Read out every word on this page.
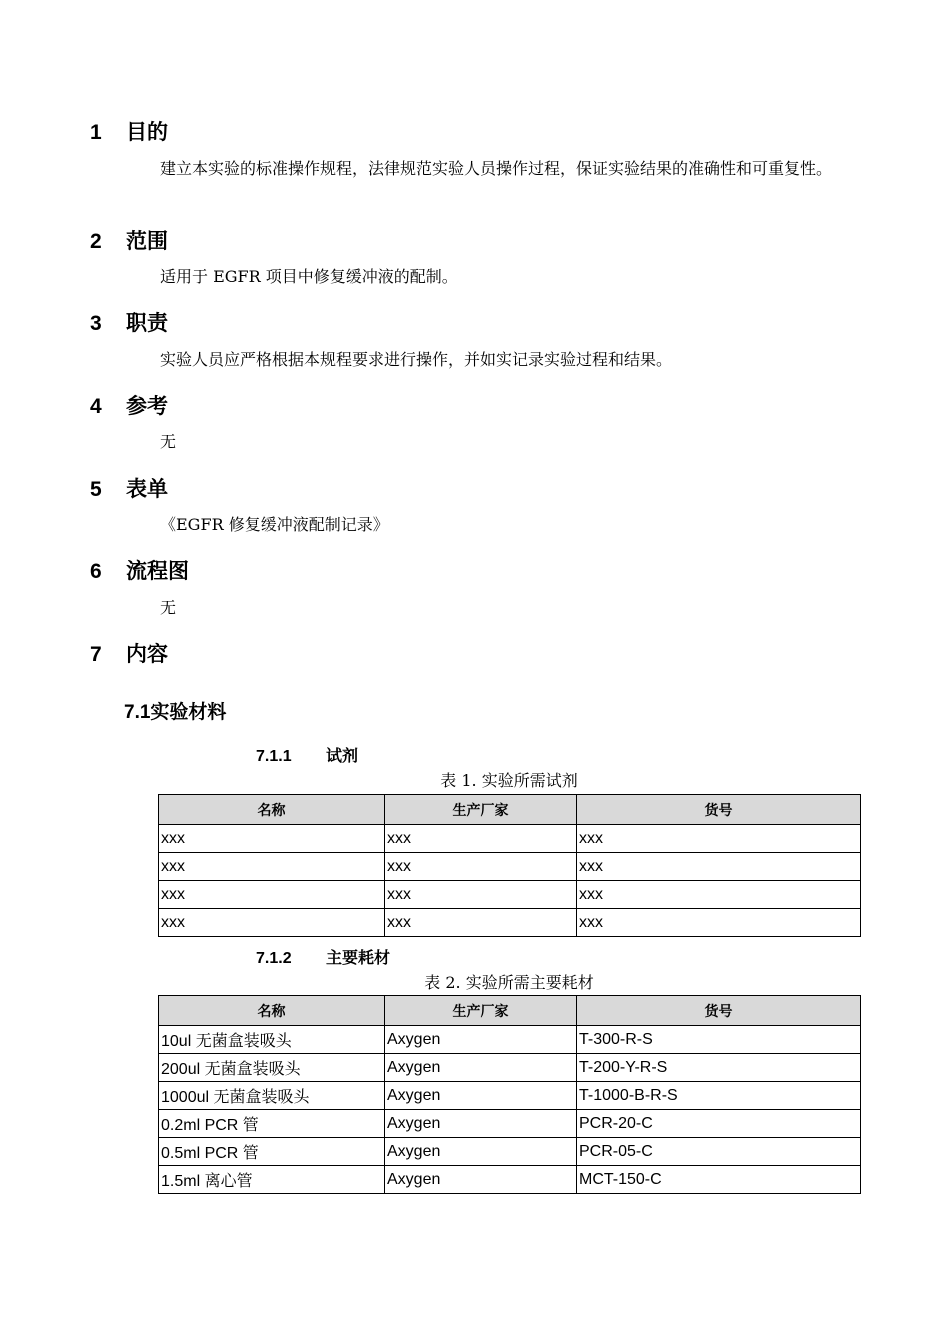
1 目的
建立本实验的标准操作规程，法律规范实验人员操作过程，保证实验结果的准确性和可重复性。
2 范围
适用于 EGFR 项目中修复缓冲液的配制。
3 职责
实验人员应严格根据本规程要求进行操作，并如实记录实验过程和结果。
4 参考
无
5 表单
《EGFR 修复缓冲液配制记录》
6 流程图
无
7 内容
7.1实验材料
7.1.1 试剂
表 1. 实验所需试剂
名称	生产厂家	货号
xxx	xxx	xxx
xxx	xxx	xxx
xxx	xxx	xxx
xxx	xxx	xxx
7.1.2 主要耗材
表 2. 实验所需主要耗材
名称	生产厂家	货号
10ul 无菌盒装吸头	Axygen	T-300-R-S
200ul 无菌盒装吸头	Axygen	T-200-Y-R-S
1000ul 无菌盒装吸头	Axygen	T-1000-B-R-S
0.2ml PCR 管	Axygen	PCR-20-C
0.5ml PCR 管	Axygen	PCR-05-C
1.5ml 离心管	Axygen	MCT-150-C
